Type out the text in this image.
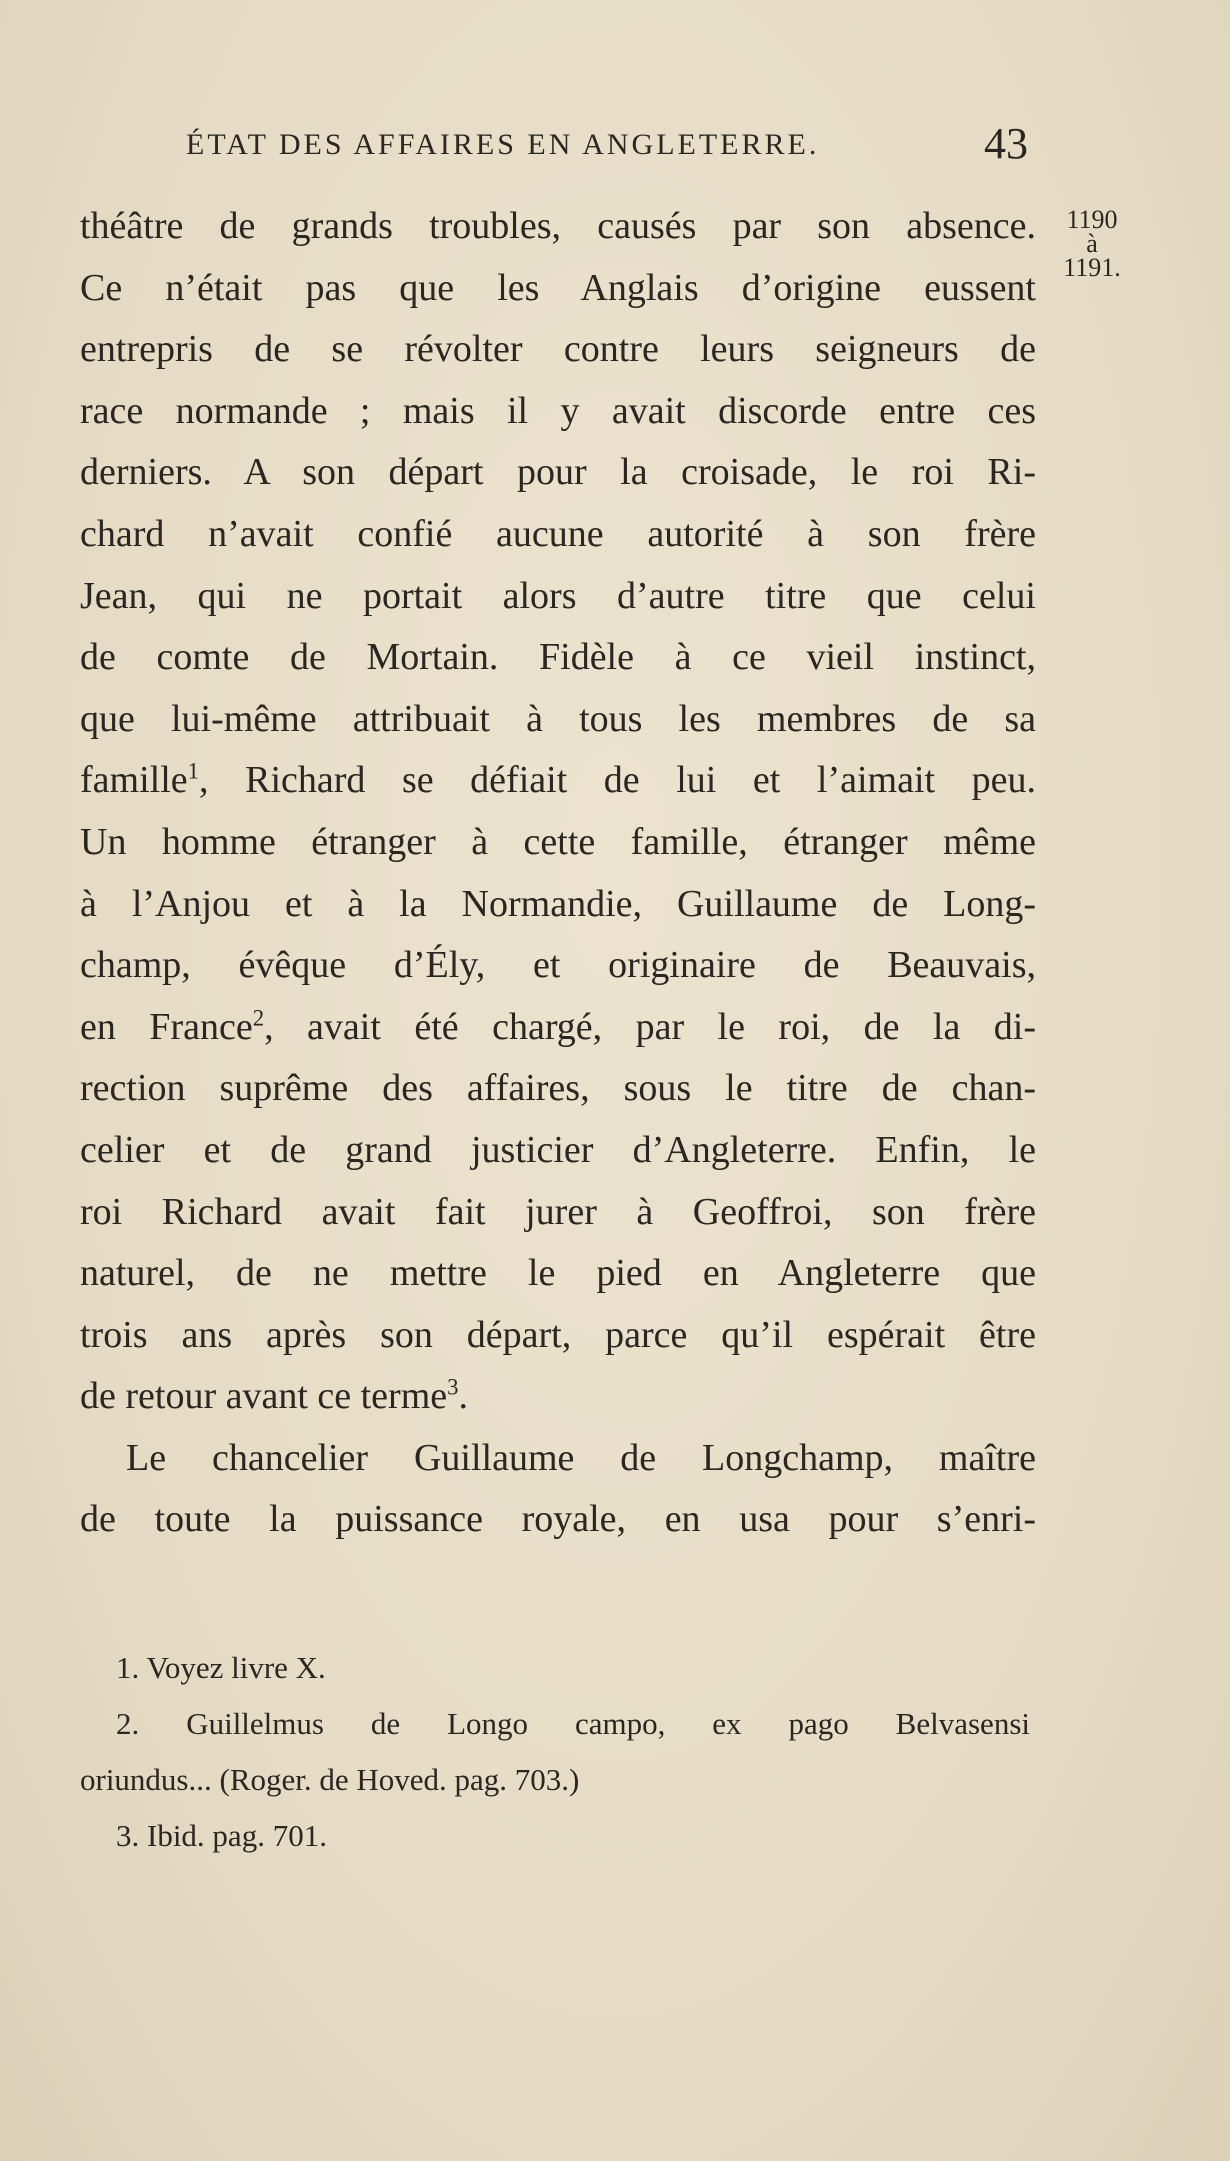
ÉTAT DES AFFAIRES EN ANGLETERRE.	43
1190
à
1191.
théâtre de grands troubles, causés par son absence.
Ce n’était pas que les Anglais d’origine eussent
entrepris de se révolter contre leurs seigneurs de
race normande ; mais il y avait discorde entre ces
derniers. A son départ pour la croisade, le roi Ri-
chard n’avait confié aucune autorité à son frère
Jean, qui ne portait alors d’autre titre que celui
de comte de Mortain. Fidèle à ce vieil instinct,
que lui-même attribuait à tous les membres de sa
famille$^1$, Richard se défiait de lui et l’aimait peu.
Un homme étranger à cette famille, étranger même
à l’Anjou et à la Normandie, Guillaume de Long-
champ, évêque d’Ély, et originaire de Beauvais,
en France$^2$, avait été chargé, par le roi, de la di-
rection suprême des affaires, sous le titre de chan-
celier et de grand justicier d’Angleterre. Enfin, le
roi Richard avait fait jurer à Geoffroi, son frère
naturel, de ne mettre le pied en Angleterre que
trois ans après son départ, parce qu’il espérait être
de retour avant ce terme$^3$.
Le chancelier Guillaume de Longchamp, maître
de toute la puissance royale, en usa pour s’enri-
1. Voyez livre X.
2. Guillelmus de Longo campo, ex pago Belvasensi
oriundus... (Roger. de Hoved. pag. 703.)
3. Ibid. pag. 701.
